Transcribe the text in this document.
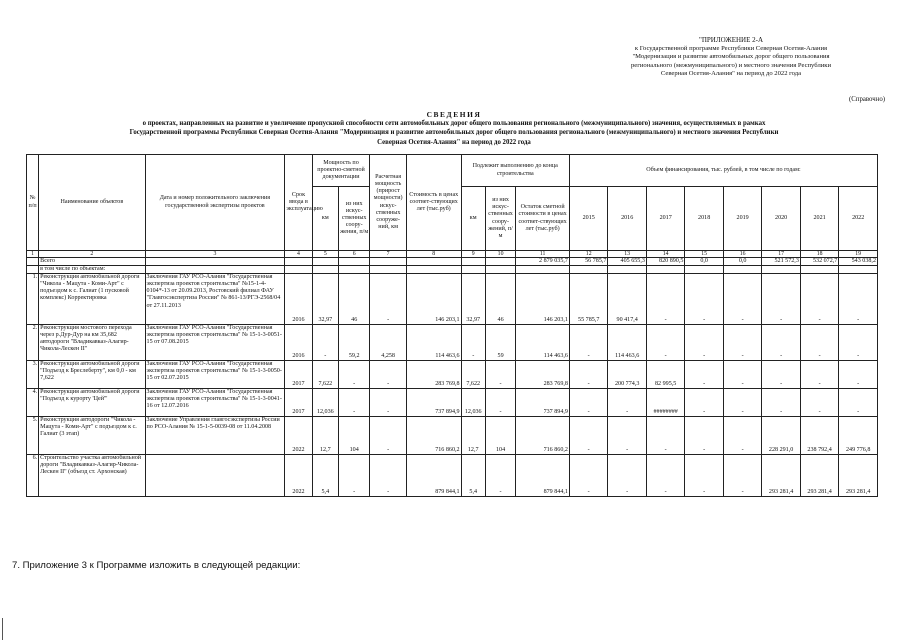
"ПРИЛОЖЕНИЕ 2-А
к Государственной программе Республики Северная Осетия-Алания
"Модернизация и развитие автомобильных дорог общего пользования
регионального (межмуниципального) и местного значения Республики
Северная Осетия-Алания" на период до 2022 года
(Справочно)
СВЕДЕНИЯ
о проектах, направленных на развитие и увеличение пропускной способности сети автомобильных дорог общего пользования регионального (межмуниципального) значения, осуществляемых в рамках
Государственной программы Республики Северная Осетия-Алания "Модернизация и развитие автомобильных дорог общего пользования регионального (межмуниципального) и местного значения Республики
Северная Осетия-Алания" на период до 2022 года
№ п/п	Наименование объектов	Дата и номер положительного заключения государственной экспертизы проектов	Срок ввода в эксплуатацию	Мощность по проектно-сметной документации		Расчетная мощность (прирост мощности) искус-ственных сооруже-ний, км	Стоимость в ценах соответ-ствующих лет (тыс.руб)	Подлежит выполнению до конца строительства			Объем финансирования, тыс. рублей, в том числе по годам:							
				км	из них искус-ственных соору-жения, п/м			км	из них искус-ственных соору-жений, п/м	Остаток сметной стоимости в ценах соответ-ствующих лет (тыс.руб)	2015	2016	2017	2018	2019	2020	2021	2022
1	2	3	4	5	6	7	8	9	10	11	12	13	14	15	16	17	18	19
	Всего									2 879 035,7	56 785,7	405 655,3	820 890,5	0,0	0,0	521 572,3	532 072,7	543 038,2
	в том числе по объектам:																	
1.	Реконструкция автомобильной дороги "Чикола - Мацута - Коми-Арт" с подъездом к с. Галиат (1 пусковой комплекс) Корректировка	Заключения ГАУ РСО-Алания "Государственная экспертиза проектов строительства" №15-1-4-0104*-13 от 20.09.2013, Ростовский филиал ФАУ "Главгосэкспертиза России" № 861-13/РГЭ-2568/04 от 27.11.2013	2016	32,97	46	-	146 203,1	32,97	46	146 203,1	55 785,7	90 417,4	-	-	-	-	-	-
2.	Реконструкция мостового перехода через р.Дур-Дур на км 35,682 автодороги "Владикавказ-Алагир-Чикола-Лескен II"	Заключения ГАУ РСО-Алания "Государственная экспертиза проектов строительства" № 15-1-3-0051-15 от 07.08.2015	2016	-	59,2	4,258	114 463,6	-	59	114 463,6	-	114 463,6	-	-	-	-	-	-
3.	Реконструкция автомобильной дороги "Подъезд к Бреслеберту", км 0,0 - км 7,622	Заключения ГАУ РСО-Алания "Государственная экспертиза проектов строительства" № 15-1-3-0050-15 от 02.07.2015	2017	7,622	-	-	283 769,8	7,622	-	283 769,8	-	200 774,3	82 995,5	-	-	-	-	-
4.	Реконструкция автомобильной дороги "Подъезд к курорту 'Цей'"	Заключения ГАУ РСО-Алания "Государственная экспертиза проектов строительства" № 15-1-3-0041-16 от 12.07.2016	2017	12,036	-	-	737 894,9	12,036	-	737 894,9	-	-	########	-	-	-	-	-
5.	Реконструкция автодороги "Чикола - Мацута - Коми-Арт" с подъездом к с. Галиат (3 этап)	Заключение Управления главгосэкспертизы России по РСО-Алания № 15-1-5-0039-08 от 11.04.2008	2022	12,7	104	-	716 860,2	12,7	104	716 860,2	-	-	-	-	-	228 291,0	238 792,4	249 776,8
6.	Строительство участка автомобильной дороги "Владикавказ-Алагир-Чикола-Лескен II" (объезд ст. Архонская)		2022	5,4	-	-	879 844,1	5,4	-	879 844,1	-	-	-	-	-	293 281,4	293 281,4	293 281,4
7. Приложение 3 к Программе изложить в следующей редакции:
